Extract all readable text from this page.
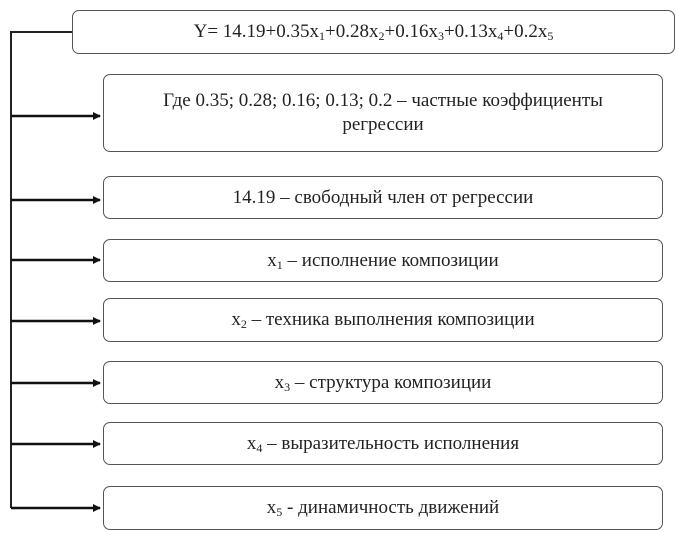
$Y= 14.19+0.35x_1+0.28x_2+0.16x_3+0.13x_4+0.2x_5$
Где 0.35; 0.28; 0.16; 0.13; 0.2 – частные коэффициенты регрессии
14.19 – свободный член от регрессии
$x_1$ – исполнение композиции
$x_2$ – техника выполнения композиции
$x_3$ – структура композиции
$x_4$ – выразительность исполнения
$x_5$ - динамичность движений
